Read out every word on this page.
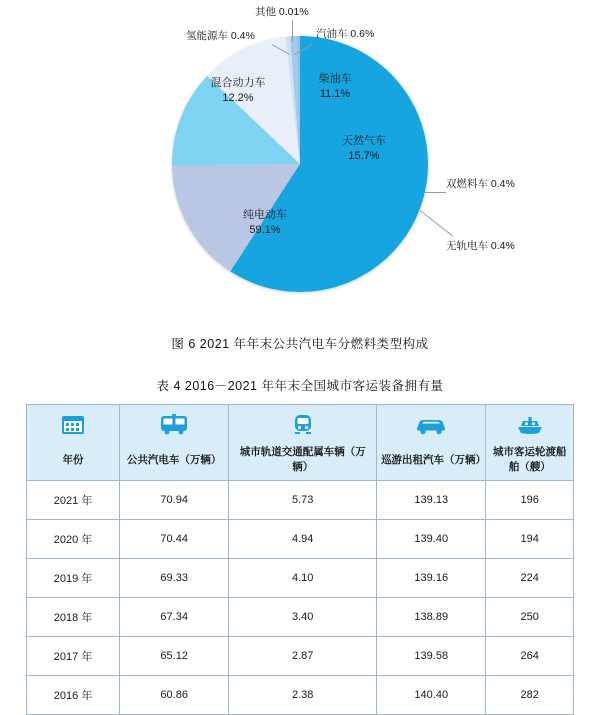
纯电动车
59.1%
天然气车
15.7%
混合动力车
12.2%
柴油车
11.1%
其他 0.01%
氢能源车 0.4%	汽油车 0.6%
双燃料车 0.4%
无轨电车 0.4%
图 6 2021 年年末公共汽电车分燃料类型构成
表 4 2016－2021 年年末全国城市客运装备拥有量

年份	公共汽电车（万辆）	城市轨道交通配属车辆（万辆）	巡游出租汽车（万辆）	城市客运轮渡船舶（艘）
2021 年	70.94	5.73	139.13	196
2020 年	70.44	4.94	139.40	194
2019 年	69.33	4.10	139.16	224
2018 年	67.34	3.40	138.89	250
2017 年	65.12	2.87	139.58	264
2016 年	60.86	2.38	140.40	282
